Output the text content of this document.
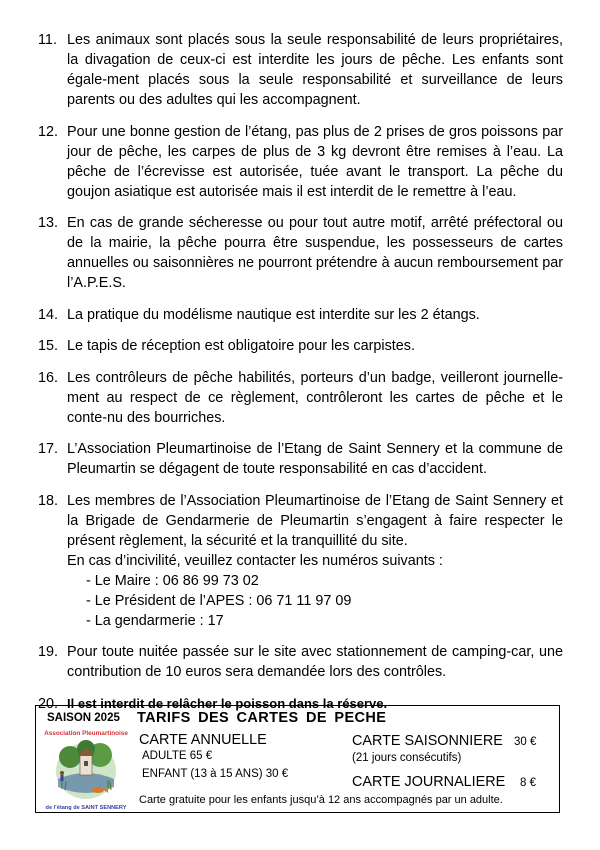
11. Les animaux sont placés sous la seule responsabilité de leurs propriétaires, la divagation de ceux-ci est interdite les jours de pêche. Les enfants sont égale-ment placés sous la seule responsabilité et surveillance de leurs parents ou des adultes qui les accompagnent.

12. Pour une bonne gestion de l’étang, pas plus de 2 prises de gros poissons par jour de pêche, les carpes de plus de 3 kg devront être remises à l’eau. La pêche de l’écrevisse est autorisée, tuée avant le transport. La pêche du goujon asiatique est autorisée mais il est interdit de le remettre à l’eau.

13. En cas de grande sécheresse ou pour tout autre motif, arrêté préfectoral ou de la mairie, la pêche pourra être suspendue, les possesseurs de cartes annuelles ou saisonnières ne pourront prétendre à aucun remboursement par l’A.P.E.S.

14. La pratique du modélisme nautique est interdite sur les 2 étangs.

15. Le tapis de réception est obligatoire pour les carpistes.

16. Les contrôleurs de pêche habilités, porteurs d’un badge, veilleront journelle-ment au respect de ce règlement, contrôleront les cartes de pêche et le conte-nu des bourriches.

17. L’Association Pleumartinoise de l’Etang de Saint Sennery et la commune de Pleumartin se dégagent de toute responsabilité en cas d’accident.

18. Les membres de l’Association Pleumartinoise de l’Etang de Saint Sennery et la Brigade de Gendarmerie de Pleumartin s’engagent à faire respecter le présent règlement, la sécurité et la tranquillité du site.

En cas d’incivilité, veuillez contacter les numéros suivants :

- Le Maire : 06 86 99 73 02
- Le Président de l’APES : 06 71 11 97 09
- La gendarmerie : 17
19. Pour toute nuitée passée sur le site avec stationnement de camping-car, une contribution de 10 euros sera demandée lors des contrôles.

20. Il est interdit de relâcher le poisson dans la réserve.

SAISON 2025
Association Pleumartinoise
de l’étang de SAINT SENNERY
TARIFS DES CARTES DE PECHE
CARTE ANNUELLE
ADULTE 65 €
ENFANT (13 à 15 ANS) 30 €
CARTE SAISONNIERE 30 €
(21 jours consécutifs)
CARTE JOURNALIERE 8 €
Carte gratuite pour les enfants jusqu’à 12 ans accompagnés par un adulte.
